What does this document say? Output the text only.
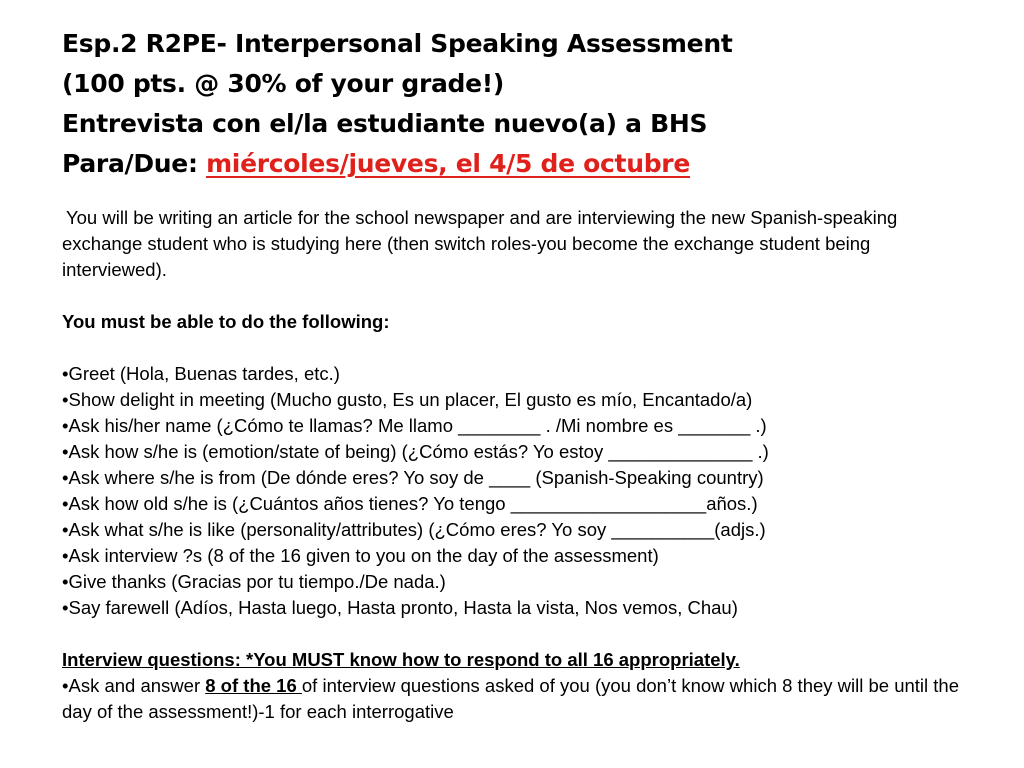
Esp.2 R2PE- Interpersonal Speaking Assessment
(100 pts. @ 30% of your grade!)
Entrevista con el/la estudiante nuevo(a) a BHS
Para/Due: miércoles/jueves, el 4/5 de octubre

You will be writing an article for the school newspaper and are interviewing the new Spanish-speaking exchange student who is studying here (then switch roles-you become the exchange student being interviewed).

You must be able to do the following:

•Greet (Hola, Buenas tardes, etc.)
•Show delight in meeting (Mucho gusto, Es un placer, El gusto es mío, Encantado/a)
•Ask his/her name (¿Cómo te llamas? Me llamo ________ . /Mi nombre es _______ .)
•Ask how s/he is (emotion/state of being) (¿Cómo estás? Yo estoy ______________ .)
•Ask where s/he is from (De dónde eres? Yo soy de ____ (Spanish-Speaking country)
•Ask how old s/he is (¿Cuántos años tienes? Yo tengo ___________________años.)
•Ask what s/he is like (personality/attributes) (¿Cómo eres? Yo soy __________(adjs.)
•Ask interview ?s (8 of the 16 given to you on the day of the assessment)
•Give thanks (Gracias por tu tiempo./De nada.)
•Say farewell (Adíos, Hasta luego, Hasta pronto, Hasta la vista, Nos vemos, Chau)

Interview questions: *You MUST know how to respond to all 16 appropriately.

•Ask and answer 8 of the 16 of interview questions asked of you (you don’t know which 8 they will be until the day of the assessment!)-1 for each interrogative
